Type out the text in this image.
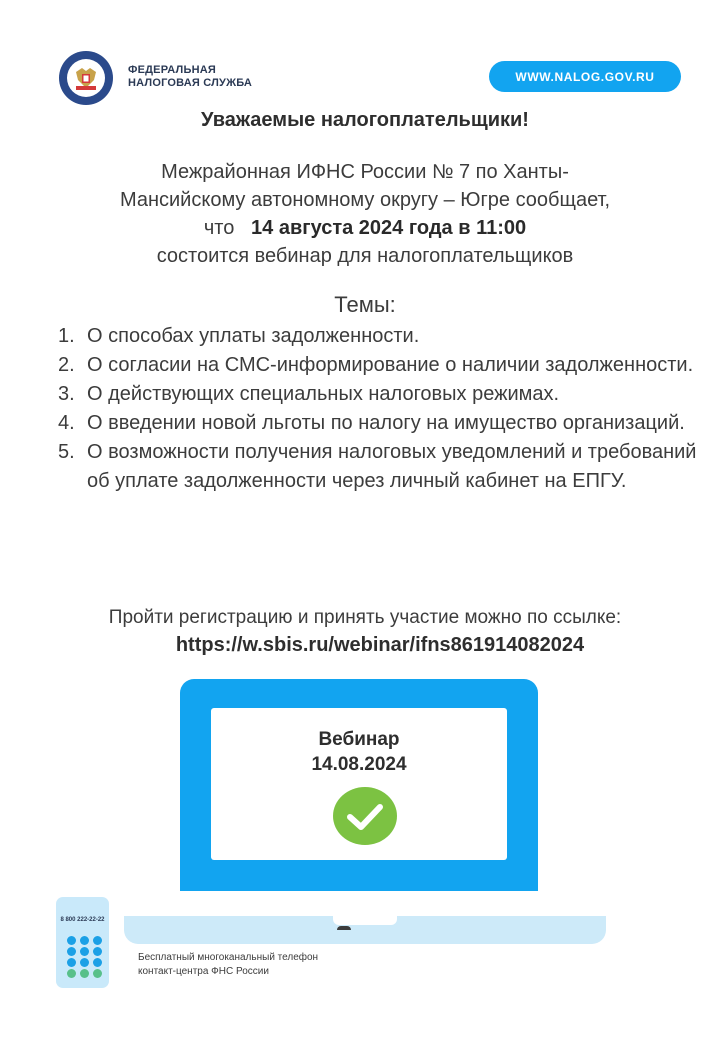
ФЕДЕРАЛЬНАЯ
НАЛОГОВАЯ СЛУЖБА	WWW.NALOG.GOV.RU
Уважаемые налогоплательщики!
Межрайонная ИФНС России № 7 по Ханты-
Мансийскому автономному округу – Югре сообщает,
что 14 августа 2024 года в 11:00
состоится вебинар для налогоплательщиков
Темы:
1. О способах уплаты задолженности.
2. О согласии на СМС-информирование о наличии задолженности.
3. О действующих специальных налоговых режимах.
4. О введении новой льготы по налогу на имущество организаций.
5. О возможности получения налоговых уведомлений и требований об уплате задолженности через личный кабинет на ЕПГУ.
Пройти регистрацию и принять участие можно по ссылке:
https://w.sbis.ru/webinar/ifns861914082024
Вебинар
14.08.2024
8 800 222-22-22
Бесплатный многоканальный телефон
контакт-центра ФНС России
